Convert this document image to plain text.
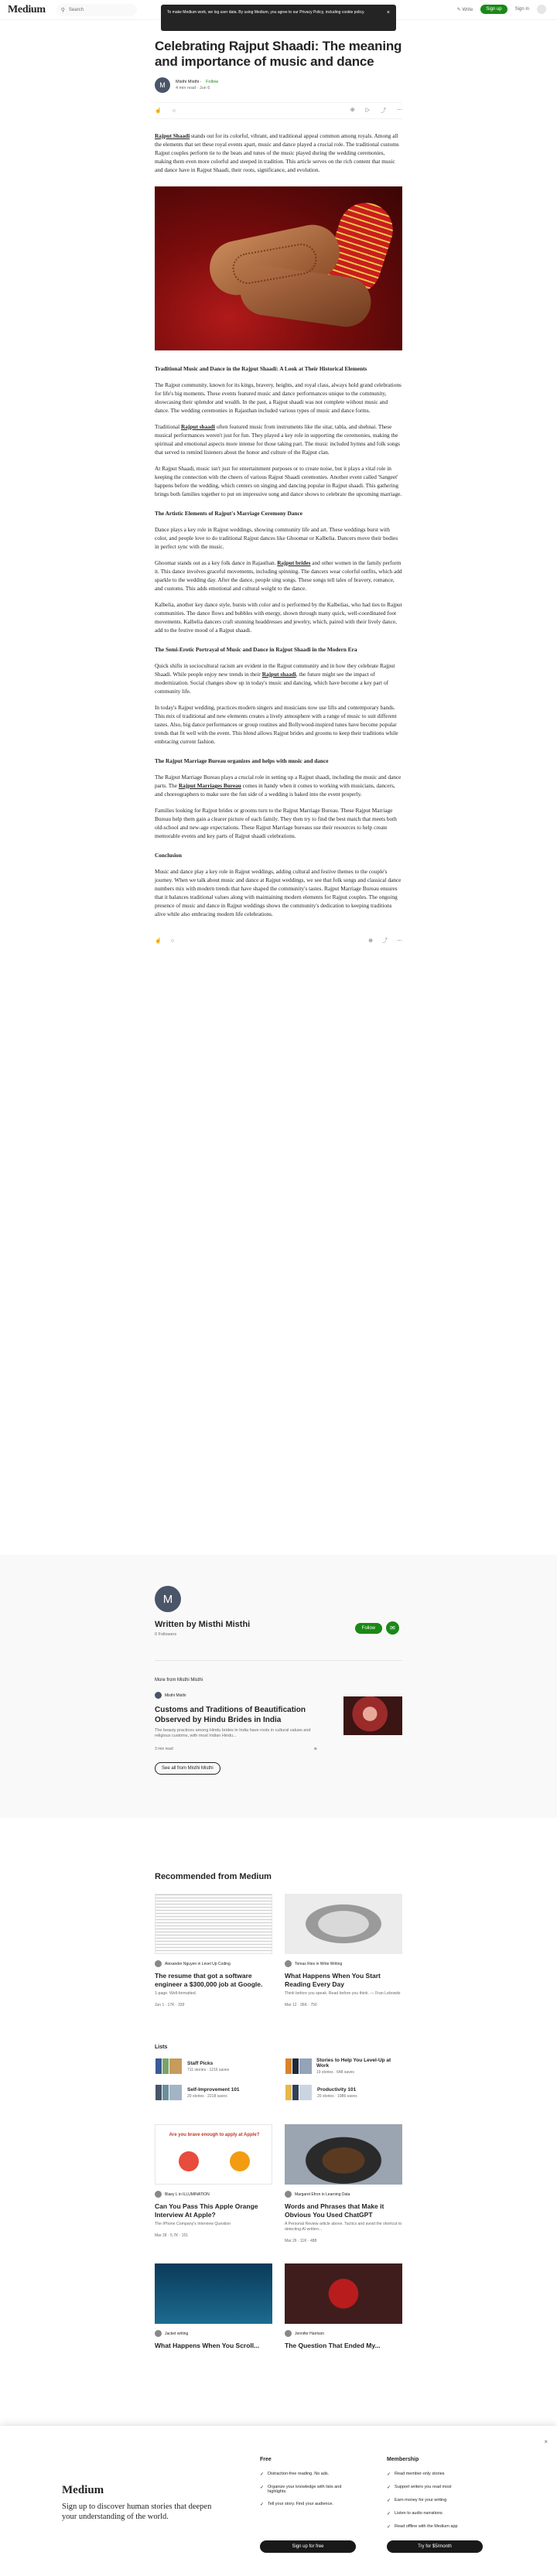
Medium	⚲ Search	✎ Write	Sign up	Sign in
To make Medium work, we log user data. By using Medium, you agree to our Privacy Policy, including cookie policy.	×
Celebrating Rajput Shaadi: The meaning and importance of music and dance
M	Misthi Misthi · Follow
4 min read · Jun 6
☝ ○	⊕ ▷ ⤴ ⋯

Rajput Shaadi stands out for its colorful, vibrant, and traditional appeal common among royals. Among all the elements that set these royal events apart, music and dance played a crucial role. The traditional customs Rajput couples perform tie to the beats and tunes of the music played during the wedding ceremonies, making them even more colorful and steeped in tradition. This article serves on the rich content that music and dance have in Rajput Shaadi, their roots, significance, and evolution.

Traditional Music and Dance in the Rajput Shaadi: A Look at Their Historical Elements

The Rajput community, known for its kings, bravery, heights, and royal class, always hold grand celebrations for life's big moments. These events featured music and dance performances unique to the community, showcasing their splendor and wealth. In the past, a Rajput shaadi was not complete without music and dance. The wedding ceremonies in Rajasthan included various types of music and dance forms.

Traditional Rajput shaadi often featured music from instruments like the sitar, tabla, and shehnai. These musical performances weren't just for fun. They played a key role in supporting the ceremonies, making the spiritual and emotional aspects more intense for those taking part. The music included hymns and folk songs that served to remind listeners about the honor and culture of the Rajput clan.

At Rajput Shaadi, music isn't just for entertainment purposes or to create noise, but it plays a vital role in keeping the connection with the cheers of various Rajput Shaadi ceremonies. Another event called 'Sangeet' happens before the wedding, which centers on singing and dancing popular in Rajput shaadi. This gathering brings both families together to put on impressive song and dance shows to celebrate the upcoming marriage.

The Artistic Elements of Rajput's Marriage Ceremony Dance

Dance plays a key role in Rajput weddings, showing community life and art. These weddings burst with color, and people love to do traditional Rajput dances like Ghoomar or Kalbelia. Dancers move their bodies in perfect sync with the music.

Ghoomar stands out as a key folk dance in Rajasthan. Rajput brides and other women in the family perform it. This dance involves graceful movements, including spinning. The dancers wear colorful outfits, which add sparkle to the wedding day. After the dance, people sing songs. These songs tell tales of bravery, romance, and customs. This adds emotional and cultural weight to the dance.

Kalbelia, another key dance style, bursts with color and is performed by the Kalbelias, who had ties to Rajput communities. The dance flows and bubbles with energy, shown through many quick, well-coordinated foot movements. Kalbelia dancers craft stunning headdresses and jewelry, which, paired with their lively dance, add to the festive mood of a Rajput shaadi.

The Semi-Erotic Portrayal of Music and Dance in Rajput Shaadi in the Modern Era

Quick shifts in sociocultural racism are evident in the Rajput community and in how they celebrate Rajput Shaadi. While people enjoy new trends in their Rajput shaadi, the future might see the impact of modernization. Social changes show up in today's music and dancing, which have become a key part of community life.

In today's Rajput wedding, practices modern singers and musicians now use lifts and contemporary bands. This mix of traditional and new elements creates a lively atmosphere with a range of music to suit different tastes. Also, big dance performances or group routines and Bollywood-inspired tunes have become popular trends that fit well with the event. This blend allows Rajput brides and grooms to keep their traditions while embracing current fashion.

The Rajput Marriage Bureau organizes and helps with music and dance

The Rajput Marriage Bureau plays a crucial role in setting up a Rajput shaadi, including the music and dance parts. The Rajput Marriages Bureau comes in handy when it comes to working with musicians, dancers, and choreographers to make sure the fun side of a wedding is baked into the event properly.

Families looking for Rajput brides or grooms turn to the Rajput Marriage Bureau. These Rajput Marriage Bureau help them gain a clearer picture of each family. They then try to find the best match that meets both old-school and new-age expectations. These Rajput Marriage bureaus use their resources to help create memorable events and key parts of Rajput shaadi celebrations.

Conclusion

Music and dance play a key role in Rajput weddings, adding cultural and festive themes to the couple's journey. When we talk about music and dance at Rajput weddings, we see that folk songs and classical dance numbers mix with modern trends that have shaped the community's tastes. Rajput Marriage Bureau ensures that it balances traditional values along with maintaining modern elements for Rajput couples. The ongoing presence of music and dance in Rajput weddings shows the community's dedication to keeping traditions alive while also embracing modern life celebrations.

☝ ○	⊕ ⤴ ⋯
M
Written by Misthi Misthi
0 Followers
Follow	✉
More from Misthi Misthi
Misthi Misthi
Customs and Traditions of Beautification Observed by Hindu Brides in India
The beauty practices among Hindu brides in India have roots in cultural values and religious customs, with most Indian Hindu...
3 min read	⊕
See all from Misthi Misthi
Recommended from Medium
Alexander Nguyen in Level Up Coding
The resume that got a software engineer a $300,000 job at Google.
1-page. Well-formatted.
Jun 1 · 17K · 339
Tomas Ries in Write Writing
What Happens When You Start Reading Every Day
Think before you speak. Read before you think. — Fran Lebowitz
Mar 12 · 36K · 750
Lists
Staff Picks
711 stories · 1216 saves
Stories to Help You Level-Up at Work
19 stories · 648 saves
Self-Improvement 101
20 stories · 2218 saves
Productivity 101
20 stories · 1986 saves
Are you brave enough to apply at Apple?
Blaey L in ILLUMINATION
Can You Pass This Apple Orange Interview At Apple?
The iPhone Company's Interview Question
Mar 28 · 5.7K · 151
Margaret Efron in Learning Data
Words and Phrases that Make it Obvious You Used ChatGPT
A Personal Review article above. Tactics and avoid the shortcut to detecting AI written...
Mar 26 · 11K · 488
Jacket writing
What Happens When You Scroll...
Jennifer Harrison
The Question That Ended My...
×
Medium
Sign up to discover human stories that deepen your understanding of the world.
Free
✓ Distraction-free reading. No ads.
✓ Organize your knowledge with lists and highlights.
✓ Tell your story. Find your audience.
Sign up for free
Membership
✓ Read member-only stories
✓ Support writers you read most
✓ Earn money for your writing
✓ Listen to audio narrations
✓ Read offline with the Medium app
Try for $5/month
